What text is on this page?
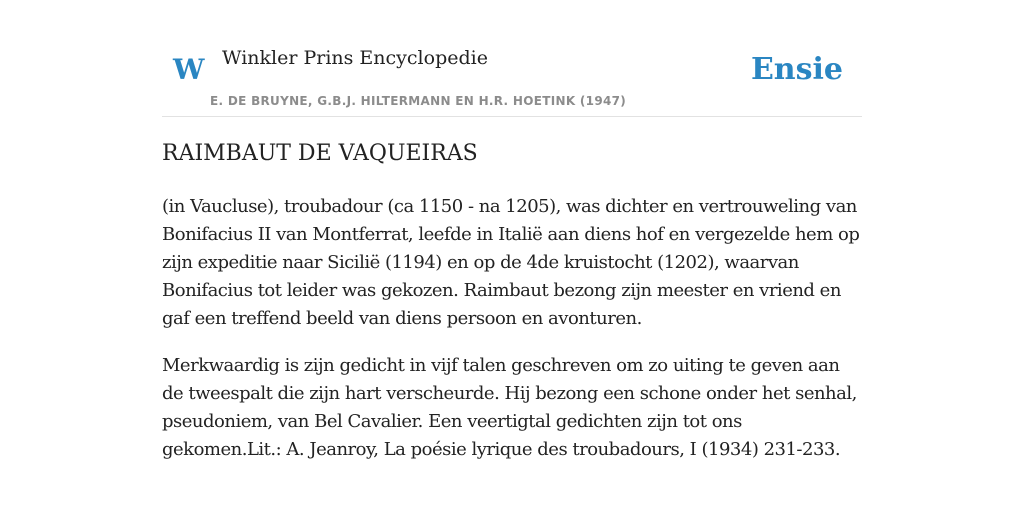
W Winkler Prins Encyclopedie
E. DE BRUYNE, G.B.J. HILTERMANN EN H.R. HOETINK (1947)
Ensie
RAIMBAUT DE VAQUEIRAS

(in Vaucluse), troubadour (ca 1150 - na 1205), was dichter en vertrouweling van Bonifacius II van Montferrat, leefde in Italië aan diens hof en vergezelde hem op zijn expeditie naar Sicilië (1194) en op de 4de kruistocht (1202), waarvan Bonifacius tot leider was gekozen. Raimbaut bezong zijn meester en vriend en gaf een treffend beeld van diens persoon en avonturen.

Merkwaardig is zijn gedicht in vijf talen geschreven om zo uiting te geven aan de tweespalt die zijn hart verscheurde. Hij bezong een schone onder het senhal, pseudoniem, van Bel Cavalier. Een veertigtal gedichten zijn tot ons gekomen.Lit.: A. Jeanroy, La poésie lyrique des troubadours, I (1934) 231-233.
